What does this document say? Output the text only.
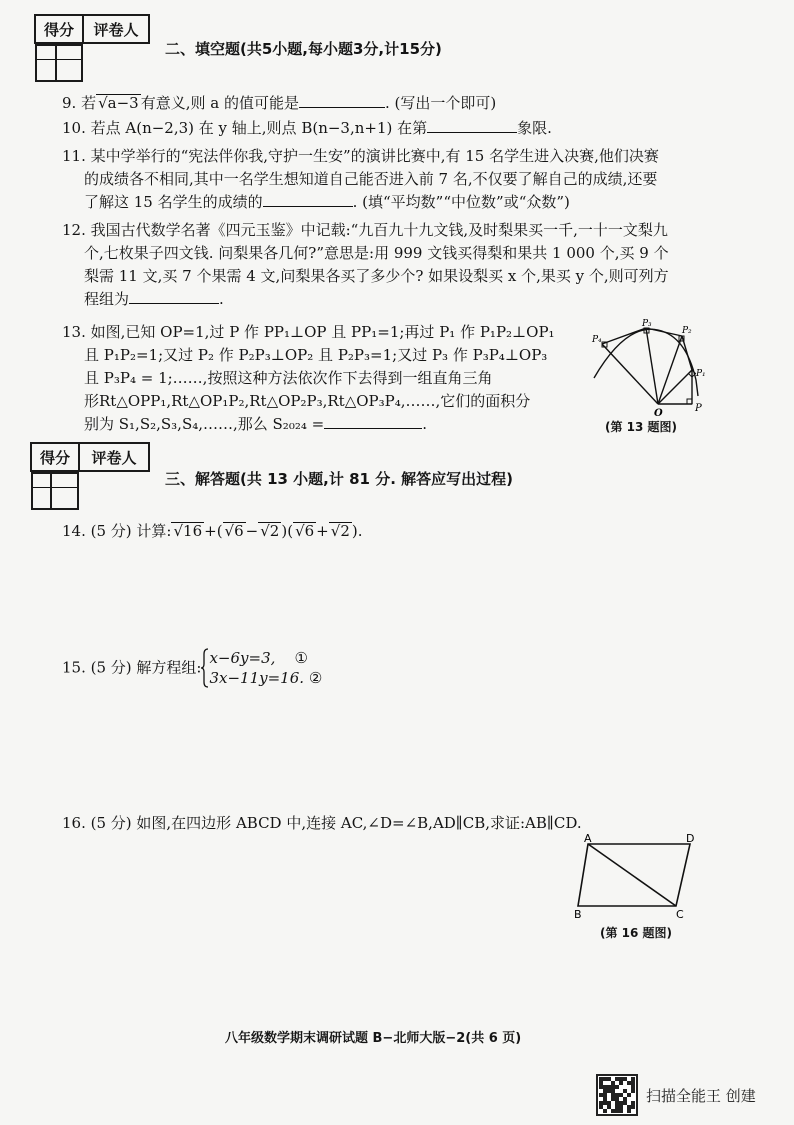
得分	评卷人

二、填空题(共5小题,每小题3分,计15分)
9. 若 √a−3 有意义,则 a 的值可能是	. (写出一个即可)
10. 若点 A(n−2,3) 在 y 轴上,则点 B(n−3,n+1) 在第	象限.
11. 某中学举行的“宪法伴你我,守护一生安”的演讲比赛中,有 15 名学生进入决赛,他们决赛
的成绩各不相同,其中一名学生想知道自己能否进入前 7 名,不仅要了解自己的成绩,还要
了解这 15 名学生的成绩的	. (填“平均数”“中位数”或“众数”)
12. 我国古代数学名著《四元玉鉴》中记载:“九百九十九文钱,及时梨果买一千,一十一文梨九
个,七枚果子四文钱. 问梨果各几何?”意思是:用 999 文钱买得梨和果共 1 000 个,买 9 个
梨需 11 文,买 7 个果需 4 文,问梨果各买了多少个? 如果设梨买 x 个,果买 y 个,则可列方
程组为	.
13. 如图,已知 OP=1,过 P 作 PP₁⊥OP 且 PP₁=1;再过 P₁ 作 P₁P₂⊥OP₁
且 P₁P₂=1;又过 P₂ 作 P₂P₃⊥OP₂ 且 P₂P₃=1;又过 P₃ 作 P₃P₄⊥OP₃
且 P₃P₄ = 1;……,按照这种方法依次作下去得到一组直角三角
形Rt△OPP₁,Rt△OP₁P₂,Rt△OP₂P₃,Rt△OP₃P₄,……,它们的面积分
别为 S₁,S₂,S₃,S₄,……,那么 S₂₀₂₄ =	.
O	P
P₁
P₂
P₃
P₄
(第 13 题图)
得分	评卷人

三、解答题(共 13 小题,计 81 分. 解答应写出过程)
14. (5 分) 计算: √16 +( √6 − √2 )( √6 + √2 ).
15. (5 分) 解方程组:
x−6y=3, ①
3x−11y=16. ②
16. (5 分) 如图,在四边形 ABCD 中,连接 AC,∠D=∠B,AD∥CB,求证:AB∥CD.
A	D
B	C
(第 16 题图)
八年级数学期末调研试题 B−北师大版−2(共 6 页)
扫描全能王 创建
